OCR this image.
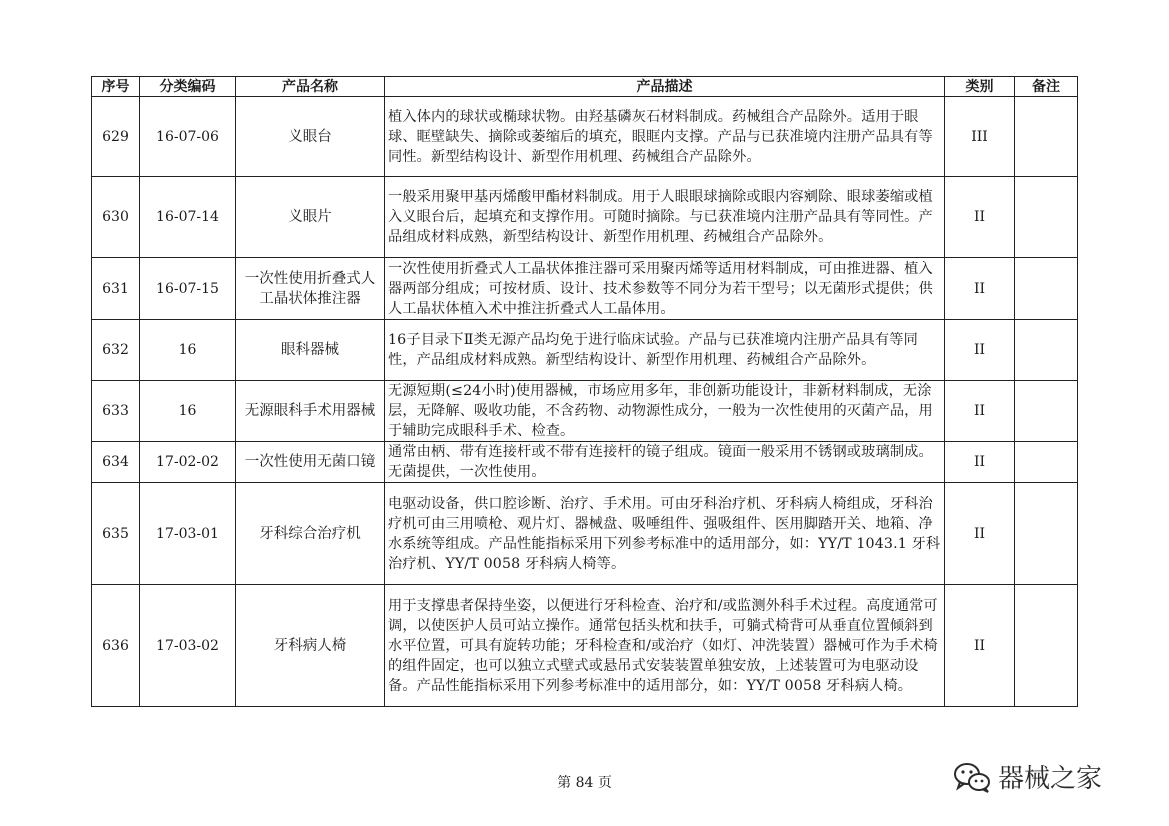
序号	分类编码	产品名称	产品描述	类别	备注
629	16-07-06	义眼台	植入体内的球状或椭球状物。由羟基磷灰石材料制成。药械组合产品除外。适用于眼球、眶壁缺失、摘除或萎缩后的填充，眼眶内支撑。产品与已获准境内注册产品具有等同性。新型结构设计、新型作用机理、药械组合产品除外。	III	
630	16-07-14	义眼片	一般采用聚甲基丙烯酸甲酯材料制成。用于人眼眼球摘除或眼内容剜除、眼球萎缩或植入义眼台后，起填充和支撑作用。可随时摘除。与已获准境内注册产品具有等同性。产品组成材料成熟，新型结构设计、新型作用机理、药械组合产品除外。	II	
631	16-07-15	一次性使用折叠式人工晶状体推注器	一次性使用折叠式人工晶状体推注器可采用聚丙烯等适用材料制成，可由推进器、植入器两部分组成；可按材质、设计、技术参数等不同分为若干型号；以无菌形式提供；供人工晶状体植入术中推注折叠式人工晶体用。	II	
632	16	眼科器械	16子目录下Ⅱ类无源产品均免于进行临床试验。产品与已获准境内注册产品具有等同性，产品组成材料成熟。新型结构设计、新型作用机理、药械组合产品除外。	II	
633	16	无源眼科手术用器械	无源短期(≤24小时)使用器械，市场应用多年，非创新功能设计，非新材料制成，无涂层，无降解、吸收功能，不含药物、动物源性成分，一般为一次性使用的灭菌产品，用于辅助完成眼科手术、检查。	II	
634	17-02-02	一次性使用无菌口镜	通常由柄、带有连接杆或不带有连接杆的镜子组成。镜面一般采用不锈钢或玻璃制成。无菌提供，一次性使用。	II	
635	17-03-01	牙科综合治疗机	电驱动设备，供口腔诊断、治疗、手术用。可由牙科治疗机、牙科病人椅组成，牙科治疗机可由三用喷枪、观片灯、器械盘、吸唾组件、强吸组件、医用脚踏开关、地箱、净水系统等组成。产品性能指标采用下列参考标准中的适用部分，如：YY/T 1043.1 牙科治疗机、YY/T 0058 牙科病人椅等。	II	
636	17-03-02	牙科病人椅	用于支撑患者保持坐姿，以便进行牙科检查、治疗和/或监测外科手术过程。高度通常可调，以使医护人员可站立操作。通常包括头枕和扶手，可躺式椅背可从垂直位置倾斜到水平位置，可具有旋转功能；牙科检查和/或治疗（如灯、冲洗装置）器械可作为手术椅的组件固定，也可以独立式壁式或悬吊式安装装置单独安放，上述装置可为电驱动设备。产品性能指标采用下列参考标准中的适用部分，如：YY/T 0058 牙科病人椅。	II	
第 84 页	器械之家
